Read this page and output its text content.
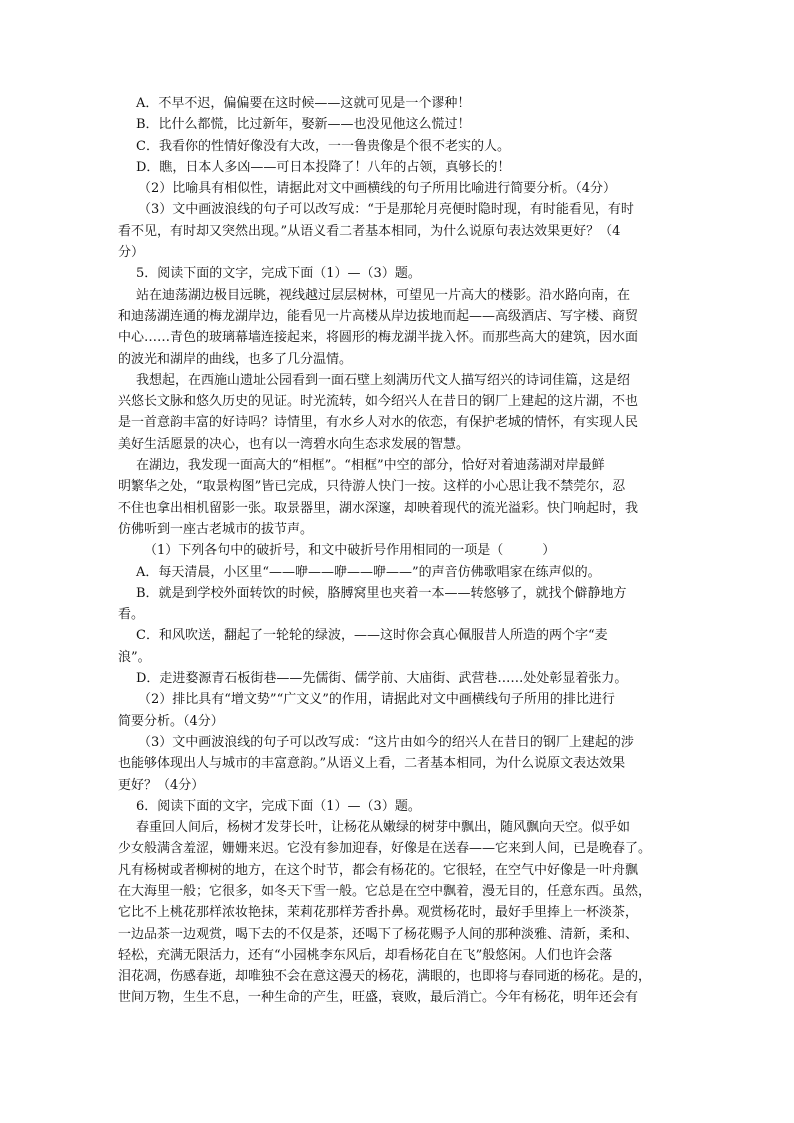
A．不早不迟，偏偏要在这时候——这就可见是一个谬种！

B．比什么都慌，比过新年，娶新——也没见他这么慌过！

C．我看你的性情好像没有大改，一一鲁贵像是个很不老实的人。

D．瞧，日本人多凶——可日本投降了！八年的占领，真够长的！

（2）比喻具有相似性，请据此对文中画横线的句子所用比喻进行简要分析。（4分）

（3）文中画波浪线的句子可以改写成：“于是那轮月亮便时隐时现，有时能看见，有时

看不见，有时却又突然出现。”从语义看二者基本相同，为什么说原句表达效果更好？（4

分）

5．阅读下面的文字，完成下面（1）—（3）题。

站在迪荡湖边极目远眺，视线越过层层树林，可望见一片高大的楼影。沿水路向南，在

和迪荡湖连通的梅龙湖岸边，能看见一片高楼从岸边拔地而起——高级酒店、写字楼、商贸

中心……青色的玻璃幕墙连接起来，将圆形的梅龙湖半拢入怀。而那些高大的建筑，因水面

的波光和湖岸的曲线，也多了几分温情。

我想起，在西施山遗址公园看到一面石壁上刻满历代文人描写绍兴的诗词佳篇，这是绍

兴悠长文脉和悠久历史的见证。时光流转，如今绍兴人在昔日的钢厂上建起的这片湖，不也

是一首意韵丰富的好诗吗？诗情里，有水乡人对水的依恋，有保护老城的情怀，有实现人民

美好生活愿景的决心，也有以一湾碧水向生态求发展的智慧。

在湖边，我发现一面高大的“相框”。“相框”中空的部分，恰好对着迪荡湖对岸最鲜

明繁华之处，“取景构图”皆已完成，只待游人快门一按。这样的小心思让我不禁莞尔，忍

不住也拿出相机留影一张。取景器里，湖水深邃，却映着现代的流光溢彩。快门响起时，我

仿佛听到一座古老城市的拔节声。

（1）下列各句中的破折号，和文中破折号作用相同的一项是（　　　）

A．每天清晨，小区里“——咿——咿——咿——”的声音仿佛歌唱家在练声似的。

B．就是到学校外面转饮的时候，胳膊窝里也夹着一本——转悠够了，就找个僻静地方

看。

C．和风吹送，翻起了一轮轮的绿波，——这时你会真心佩服昔人所造的两个字“麦

浪”。

D．走进婺源青石板街巷——先儒街、儒学前、大庙街、武营巷……处处彰显着张力。

（2）排比具有“增文势”“广文义”的作用，请据此对文中画横线句子所用的排比进行

简要分析。（4分）

（3）文中画波浪线的句子可以改写成：“这片由如今的绍兴人在昔日的钢厂上建起的涉

也能够体现出人与城市的丰富意韵。”从语义上看，二者基本相同，为什么说原文表达效果

更好？（4分）

6．阅读下面的文字，完成下面（1）—（3）题。

春重回人间后，杨树才发芽长叶，让杨花从嫩绿的树芽中飘出，随风飘向天空。似乎如

少女般满含羞涩，姗姗来迟。它没有参加迎春，好像是在送春——它来到人间，已是晚春了。

凡有杨树或者柳树的地方，在这个时节，都会有杨花的。它很轻，在空气中好像是一叶舟飘

在大海里一般；它很多，如冬天下雪一般。它总是在空中飘着，漫无目的，任意东西。虽然，

它比不上桃花那样浓妆艳抹，茉莉花那样芳香扑鼻。观赏杨花时，最好手里捧上一杯淡茶，

一边品茶一边观赏，喝下去的不仅是茶，还喝下了杨花赐予人间的那种淡雅、清新，柔和、

轻松，充满无限活力，还有“小园桃李东风后，却看杨花自在飞”般悠闲。人们也许会落

泪花凋，伤感春逝，却唯独不会在意这漫天的杨花，满眼的，也即将与春同逝的杨花。是的，

世间万物，生生不息，一种生命的产生，旺盛，衰败，最后消亡。今年有杨花，明年还会有
